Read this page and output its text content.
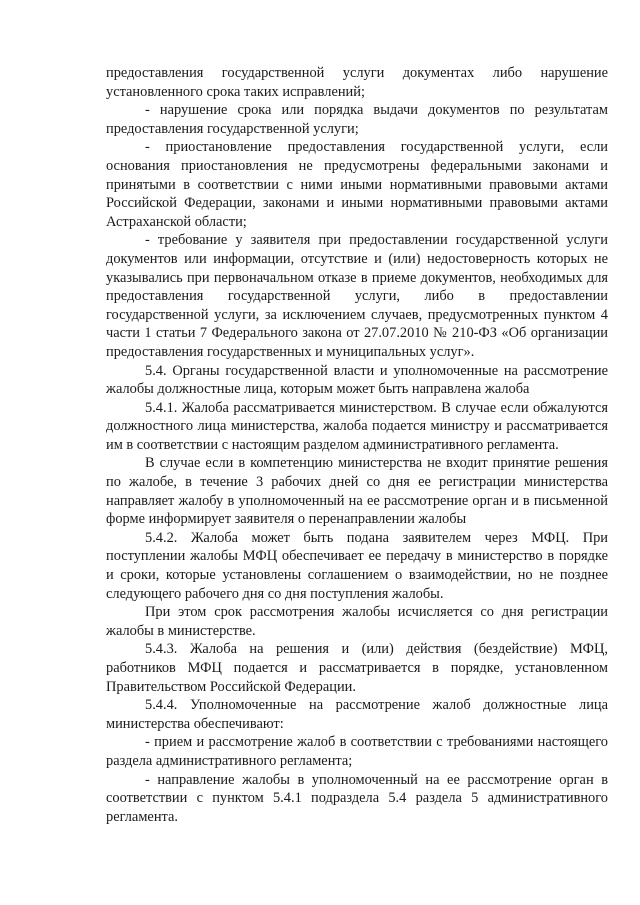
предоставления государственной услуги документах либо нарушение установленного срока таких исправлений;

- нарушение срока или порядка выдачи документов по результатам предоставления государственной услуги;

- приостановление предоставления государственной услуги, если основания приостановления не предусмотрены федеральными законами и принятыми в соответствии с ними иными нормативными правовыми актами Российской Федерации, законами и иными нормативными правовыми актами Астраханской области;

- требование у заявителя при предоставлении государственной услуги документов или информации, отсутствие и (или) недостоверность которых не указывались при первоначальном отказе в приеме документов, необходимых для предоставления государственной услуги, либо в предоставлении государственной услуги, за исключением случаев, предусмотренных пунктом 4 части 1 статьи 7 Федерального закона от 27.07.2010 № 210-ФЗ «Об организации предоставления государственных и муниципальных услуг».

5.4. Органы государственной власти и уполномоченные на рассмотрение жалобы должностные лица, которым может быть направлена жалоба

5.4.1. Жалоба рассматривается министерством. В случае если обжалуются должностного лица министерства, жалоба подается министру и рассматривается им в соответствии с настоящим разделом административного регламента.

В случае если в компетенцию министерства не входит принятие решения по жалобе, в течение 3 рабочих дней со дня ее регистрации министерства направляет жалобу в уполномоченный на ее рассмотрение орган и в письменной форме информирует заявителя о перенаправлении жалобы

5.4.2. Жалоба может быть подана заявителем через МФЦ. При поступлении жалобы МФЦ обеспечивает ее передачу в министерство в порядке и сроки, которые установлены соглашением о взаимодействии, но не позднее следующего рабочего дня со дня поступления жалобы.

При этом срок рассмотрения жалобы исчисляется со дня регистрации жалобы в министерстве.

5.4.3. Жалоба на решения и (или) действия (бездействие) МФЦ, работников МФЦ подается и рассматривается в порядке, установленном Правительством Российской Федерации.

5.4.4. Уполномоченные на рассмотрение жалоб должностные лица министерства обеспечивают:

- прием и рассмотрение жалоб в соответствии с требованиями настоящего раздела административного регламента;

- направление жалобы в уполномоченный на ее рассмотрение орган в соответствии с пунктом 5.4.1 подраздела 5.4 раздела 5 административного регламента.
